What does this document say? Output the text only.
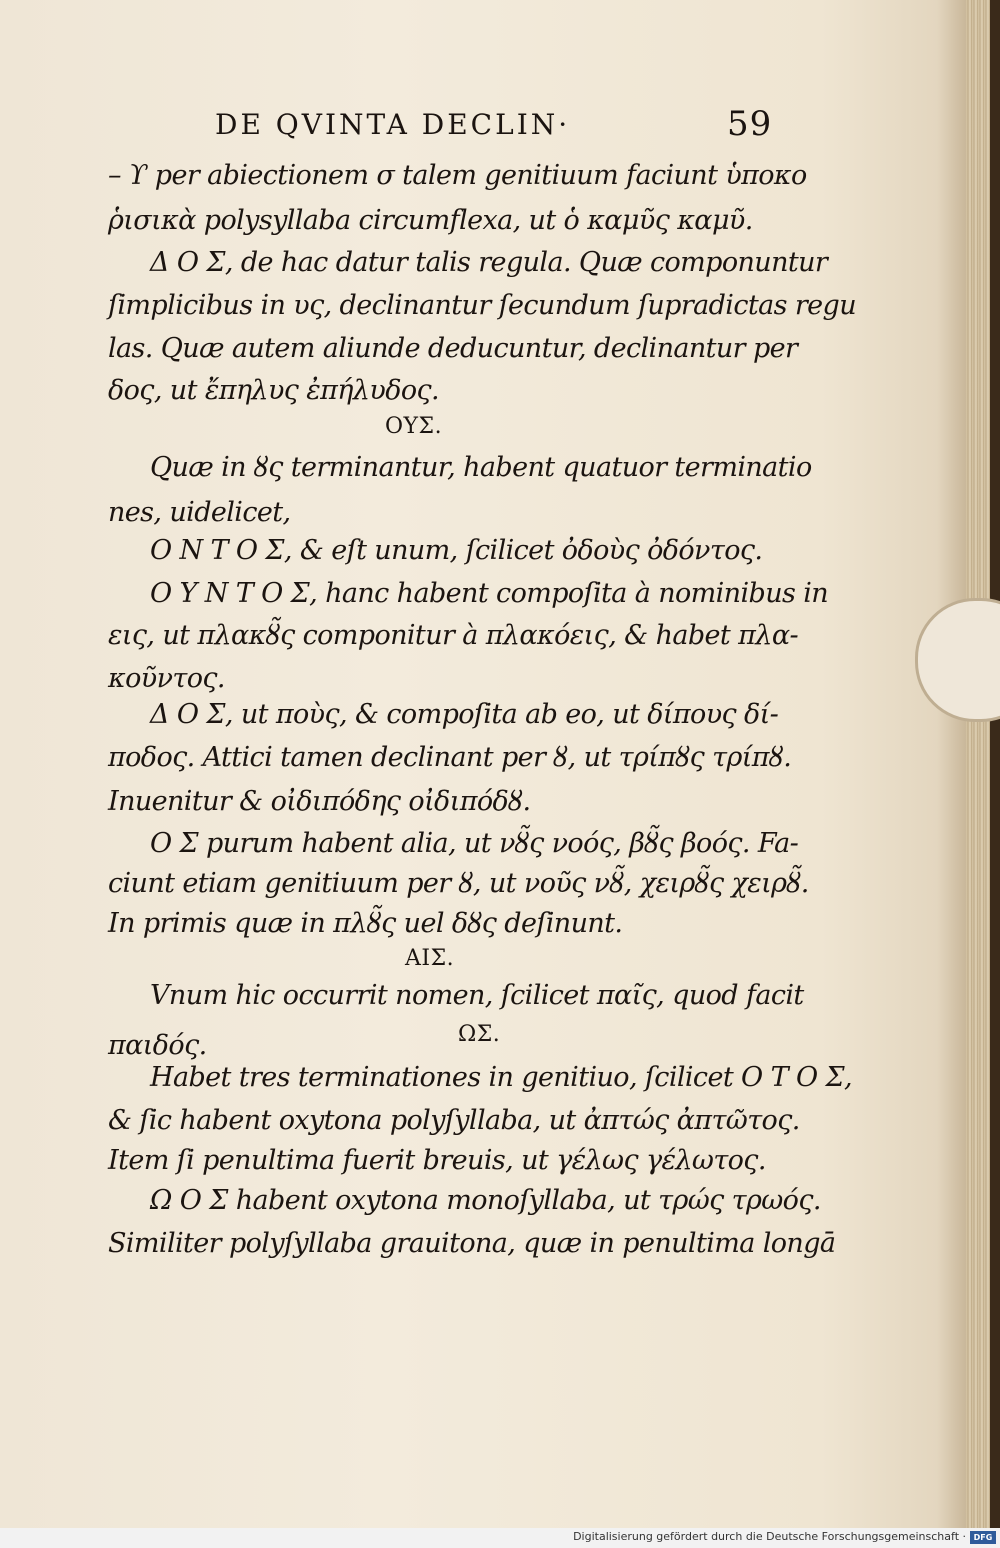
DE QVINTA DECLIN·	59
– ϒ per abiectionem σ talem genitiuum faciunt ὑποκο
ῥισικὰ polysyllaba circumflexa, ut ὁ καμῦς καμῦ.
Δ Ο Σ, de hac datur talis regula. Quæ componuntur
ſimplicibus in υς, declinantur ſecundum ſupradictas regu
las. Quæ autem aliunde deducuntur, declinantur per
δος, ut ἔπηλυς ἐπήλυδος.
ΟΥΣ.
Quæ in ȣς terminantur, habent quatuor terminatio
nes, uidelicet,
Ο Ν Τ Ο Σ, & eſt unum, ſcilicet ὀδοὺς ὀδόντος.
Ο Υ Ν Τ Ο Σ, hanc habent compoſita à nominibus in
εις, ut πλακȣ̃ς componitur à πλακόεις, & habet πλα-
κοῦντος.
Δ Ο Σ, ut ποὺς, & compoſita ab eo, ut δίπους δί-
ποδος. Attici tamen declinant per ȣ, ut τρίπȣς τρίπȣ.
Inuenitur & οἰδιπόδης οἰδιπόδȣ.
Ο Σ purum habent alia, ut νȣ̃ς νοός, βȣ̃ς βοός. Fa-
ciunt etiam genitiuum per ȣ, ut νοῦς νȣ̃, χειρȣ̃ς χειρȣ̃.
In primis quæ in πλȣ̃ς uel δȣς deſinunt.
ΑΙΣ.
Vnum hic occurrit nomen, ſcilicet παῖς, quod facit
παιδός.	ΩΣ.
Habet tres terminationes in genitiuo, ſcilicet Ο Τ Ο Σ,
& ſic habent oxytona polyſyllaba, ut ἀπτώς ἀπτῶτος.
Item ſi penultima fuerit breuis, ut γέλως γέλωτος.
Ω Ο Σ habent oxytona monoſyllaba, ut τρώς τρωός.
Similiter polyſyllaba grauitona, quæ in penultima longā
Digitalisierung gefördert durch die Deutsche Forschungsgemeinschaft · DFG
